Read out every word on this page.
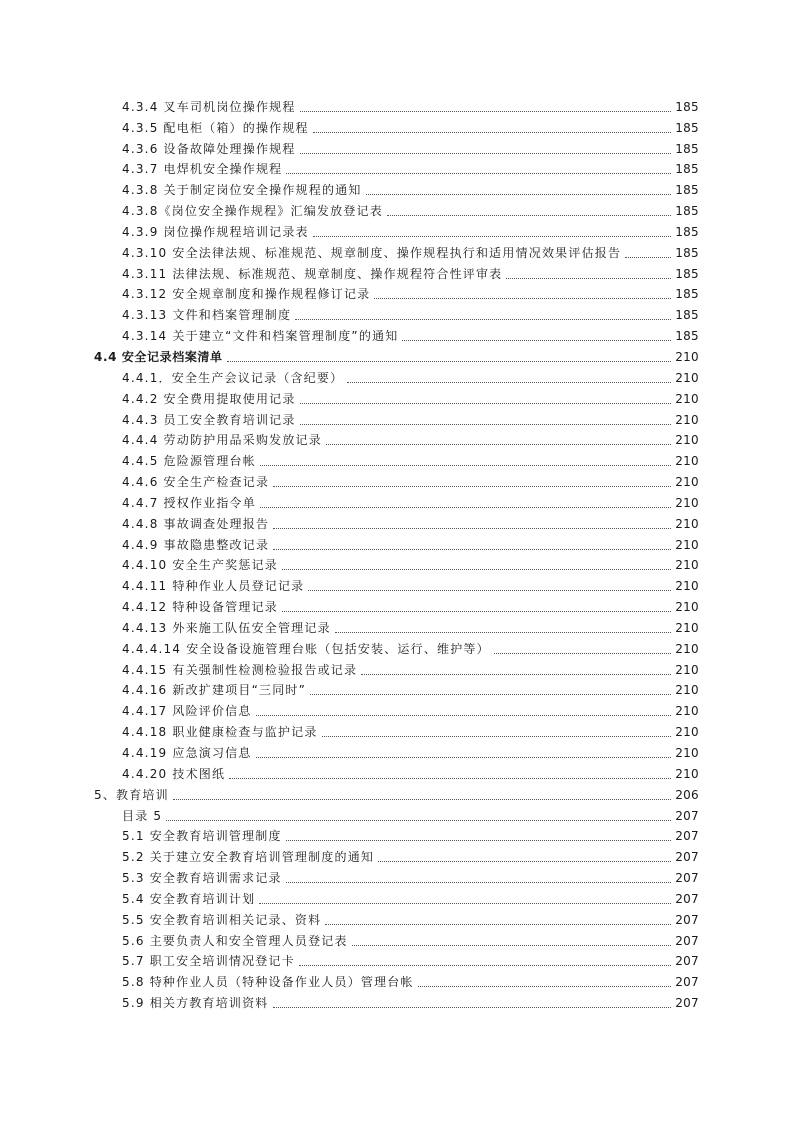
4.3.4 叉车司机岗位操作规程	185
4.3.5 配电柜（箱）的操作规程	185
4.3.6 设备故障处理操作规程	185
4.3.7 电焊机安全操作规程	185
4.3.8 关于制定岗位安全操作规程的通知	185
4.3.8《岗位安全操作规程》汇编发放登记表	185
4.3.9 岗位操作规程培训记录表	185
4.3.10 安全法律法规、标准规范、规章制度、操作规程执行和适用情况效果评估报告	185
4.3.11 法律法规、标准规范、规章制度、操作规程符合性评审表	185
4.3.12 安全规章制度和操作规程修订记录	185
4.3.13 文件和档案管理制度	185
4.3.14 关于建立“文件和档案管理制度”的通知	185
4.4 安全记录档案清单	210
4.4.1．安全生产会议记录（含纪要）	210
4.4.2 安全费用提取使用记录	210
4.4.3 员工安全教育培训记录	210
4.4.4 劳动防护用品采购发放记录	210
4.4.5 危险源管理台帐	210
4.4.6 安全生产检查记录	210
4.4.7 授权作业指令单	210
4.4.8 事故调查处理报告	210
4.4.9 事故隐患整改记录	210
4.4.10 安全生产奖惩记录	210
4.4.11 特种作业人员登记记录	210
4.4.12 特种设备管理记录	210
4.4.13 外来施工队伍安全管理记录	210
4.4.4.14 安全设备设施管理台账（包括安装、运行、维护等）	210
4.4.15 有关强制性检测检验报告或记录	210
4.4.16 新改扩建项目“三同时”	210
4.4.17 风险评价信息	210
4.4.18 职业健康检查与监护记录	210
4.4.19 应急演习信息	210
4.4.20 技术图纸	210
5、教育培训	206
目录 5	207
5.1 安全教育培训管理制度	207
5.2 关于建立安全教育培训管理制度的通知	207
5.3 安全教育培训需求记录	207
5.4 安全教育培训计划	207
5.5 安全教育培训相关记录、资料	207
5.6 主要负责人和安全管理人员登记表	207
5.7 职工安全培训情况登记卡	207
5.8 特种作业人员（特种设备作业人员）管理台帐	207
5.9 相关方教育培训资料	207
